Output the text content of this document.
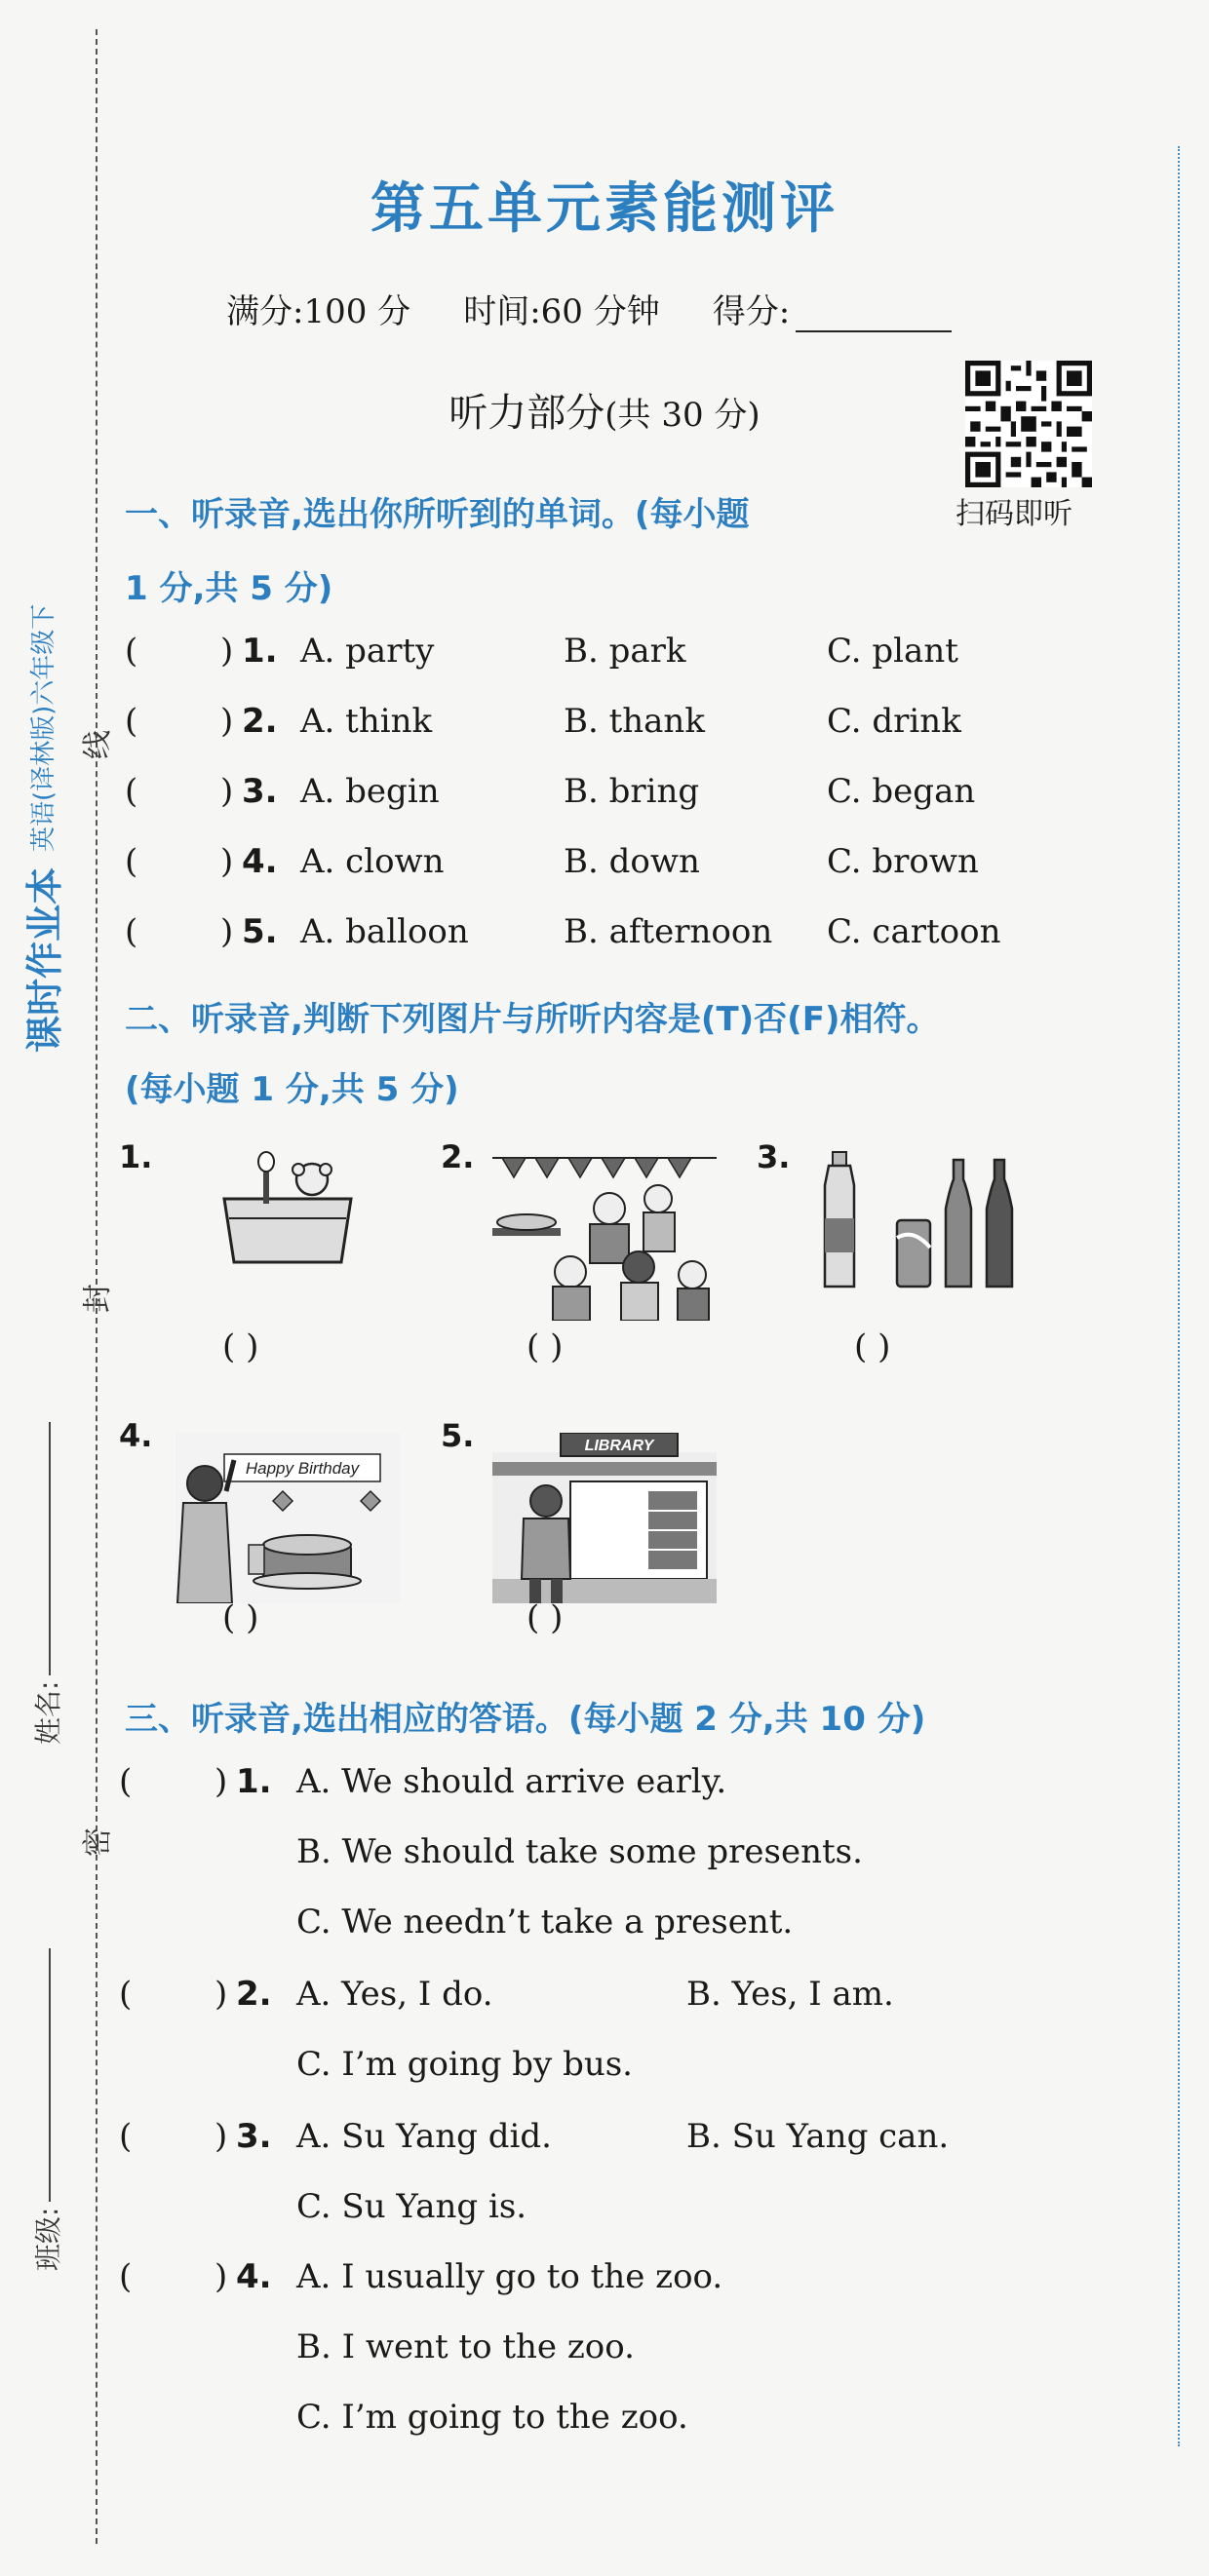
课时作业本
英语(译林版)六年级下 线
封
密
姓名:
班级:
第五单元素能测评
满分:100 分 时间:60 分钟 得分:
听力部分(共 30 分)
扫码即听
一、听录音,选出你所听到的单词。(每小题
1 分,共 5 分)
( ) 1. A. party	B. park	C. plant
( ) 2. A. think	B. thank	C. drink
( ) 3. A. begin	B. bring	C. began
( ) 4. A. clown	B. down	C. brown
( ) 5. A. balloon	B. afternoon C. cartoon
二、听录音,判断下列图片与所听内容是(T)否(F)相符。
(每小题 1 分,共 5 分)
1.
( )
2.
( )
3.
( )
4.
Happy Birthday
( )
5.	LIBRARY
( )
三、听录音,选出相应的答语。(每小题 2 分,共 10 分)
( ) 1. A. We should arrive early.
B. We should take some presents.
C. We needn’t take a present.
( ) 2. A. Yes, I do.	B. Yes, I am.
C. I’m going by bus.
( ) 3. A. Su Yang did.	B. Su Yang can.
C. Su Yang is.
( ) 4. A. I usually go to the zoo.
B. I went to the zoo.
C. I’m going to the zoo.
